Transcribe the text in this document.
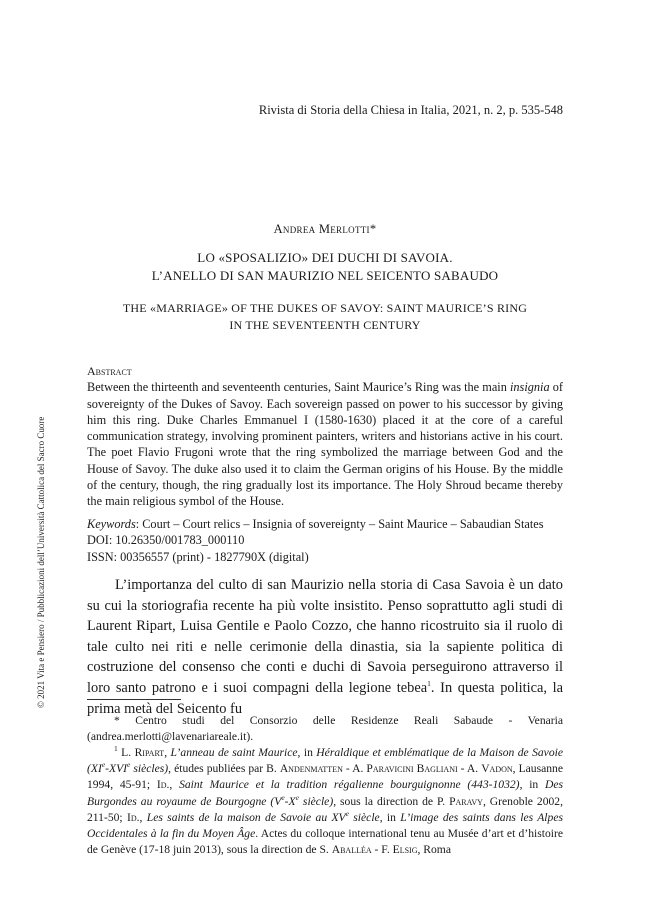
Rivista di Storia della Chiesa in Italia, 2021, n. 2, p. 535-548
Andrea Merlotti*
LO «SPOSALIZIO» DEI DUCHI DI SAVOIA.
L’ANELLO DI SAN MAURIZIO NEL SEICENTO SABAUDO
THE «MARRIAGE» OF THE DUKES OF SAVOY: SAINT MAURICE’S RING
IN THE SEVENTEENTH CENTURY
Abstract

Between the thirteenth and seventeenth centuries, Saint Maurice’s Ring was the main insignia of sovereignty of the Dukes of Savoy. Each sovereign passed on power to his successor by giving him this ring. Duke Charles Emmanuel I (1580-1630) placed it at the core of a careful communication strategy, involving prominent painters, writers and historians active in his court. The poet Flavio Frugoni wrote that the ring symbolized the marriage between God and the House of Savoy. The duke also used it to claim the German origins of his House. By the middle of the century, though, the ring gradually lost its importance. The Holy Shroud became thereby the main religious symbol of the House.

Keywords: Court – Court relics – Insignia of sovereignty – Saint Maurice – Sabaudian States
DOI: 10.26350/001783_000110
ISSN: 00356557 (print) - 1827790X (digital)

L’importanza del culto di san Maurizio nella storia di Casa Savoia è un dato su cui la storiografia recente ha più volte insistito. Penso soprattutto agli studi di Laurent Ripart, Luisa Gentile e Paolo Cozzo, che hanno ricostruito sia il ruolo di tale culto nei riti e nelle cerimonie della dinastia, sia la sapiente politica di costruzione del consenso che conti e duchi di Savoia perseguirono attraverso il loro santo patrono e i suoi compagni della legione tebea$^1$. In questa politica, la prima metà del Seicento fu

* Centro studi del Consorzio delle Residenze Reali Sabaude - Venaria (andrea.merlotti@lavenariareale.it).

$^1$ L. Ripart, L’anneau de saint Maurice, in Héraldique et emblématique de la Maison de Savoie (XIe-XVIe siècles), études publiées par B. Andenmatten - A. Paravicini Bagliani - A. Vadon, Lausanne 1994, 45-91; Id., Saint Maurice et la tradition régalienne bourguignonne (443-1032), in Des Burgondes au royaume de Bourgogne (Ve-Xe siècle), sous la direction de P. Paravy, Grenoble 2002, 211-50; Id., Les saints de la maison de Savoie au XVe siècle, in L’image des saints dans les Alpes Occidentales à la fin du Moyen Âge. Actes du colloque international tenu au Musée d’art et d’histoire de Genève (17-18 juin 2013), sous la direction de S. Aballéa - F. Elsig, Roma

© 2021 Vita e Pensiero / Pubblicazioni dell’Università Cattolica del Sacro Cuore
